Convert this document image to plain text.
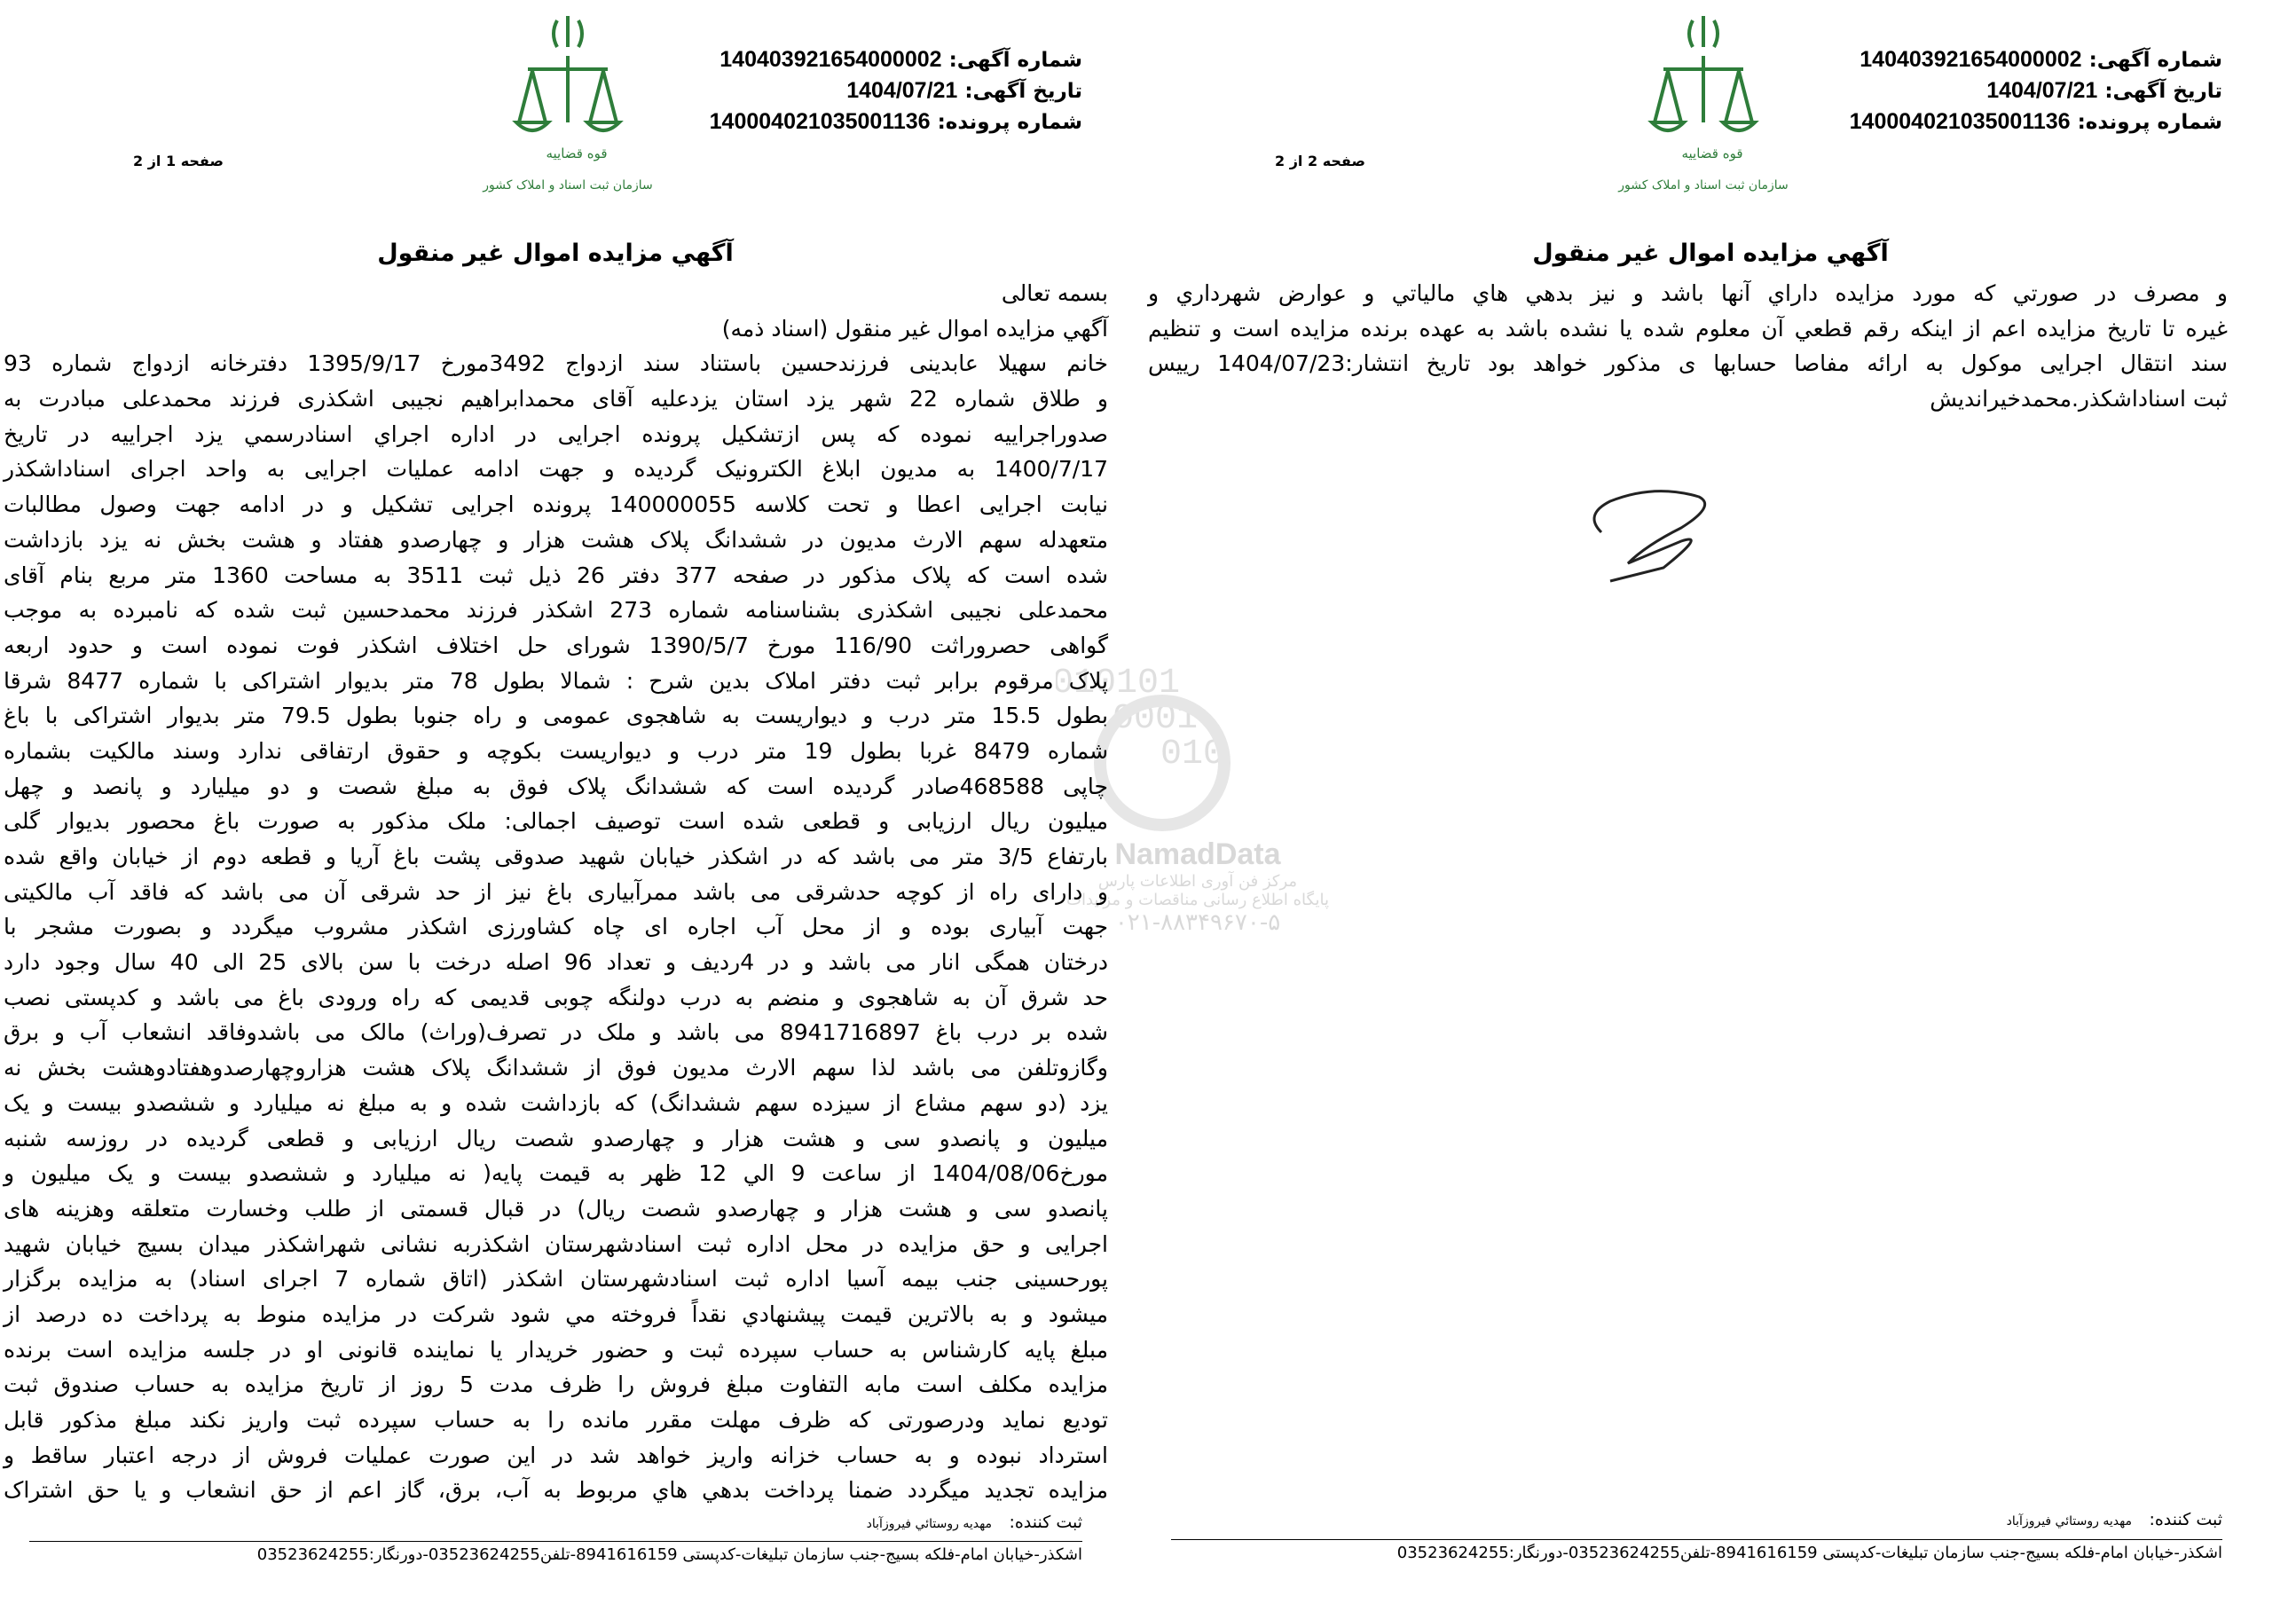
010101
0001
010
NamadData
مرکز فن آوری اطلاعات پارس
پایگاه اطلاع رسانی مناقصات و مزایدات
۰۲۱-۸۸۳۴۹۶۷۰-۵
شماره آگهی: 140403921654000002
تاریخ آگهی: 1404/07/21
شماره پرونده: 140004021035001136
قوه قضاییه
سازمان ثبت اسناد و املاک کشور
صفحه 1 از 2
آگهي مزايده اموال غير منقول
بسمه تعالی
آگهي مزايده اموال غير منقول (اسناد ذمه)
خانم سهیلا عابدینی فرزندحسین باستناد سند ازدواج 3492مورخ 1395/9/17 دفترخانه ازدواج شماره 93
و طلاق شماره 22 شهر یزد استان یزدعلیه آقای محمدابراهیم نجیبی اشکذری فرزند محمدعلی مبادرت به
صدوراجراییه نموده که پس ازتشکیل پرونده اجرایی در اداره اجراي اسنادرسمي یزد اجراییه در تاریخ
1400/7/17 به مدیون ابلاغ الکترونیک گردیده و جهت ادامه عملیات اجرایی به واحد اجرای اسناداشکذر
نیابت اجرایی اعطا و تحت کلاسه 140000055 پرونده اجرایی تشکیل و در ادامه جهت وصول مطالبات
متعهدله سهم الارث مدیون در ششدانگ پلاک هشت هزار و چهارصدو هفتاد و هشت بخش نه یزد بازداشت
شده است که پلاک مذکور در صفحه 377 دفتر 26 ذیل ثبت 3511 به مساحت 1360 متر مربع بنام آقای
محمدعلی نجیبی اشکذری بشناسنامه شماره 273 اشکذر فرزند محمدحسین ثبت شده که نامبرده به موجب
گواهی حصروراثت 116/90 مورخ 1390/5/7 شورای حل اختلاف اشکذر فوت نموده است و حدود اربعه
پلاک مرقوم برابر ثبت دفتر املاک بدین شرح : شمالا بطول 78 متر بدیوار اشتراکی با شماره 8477 شرقا
بطول 15.5 متر درب و دیواریست به شاهجوی عمومی و راه جنوبا بطول 79.5 متر بدیوار اشتراکی با باغ
شماره 8479 غربا بطول 19 متر درب و دیواریست بکوچه و حقوق ارتفاقی ندارد وسند مالکیت بشماره
چاپی 468588صادر گردیده است که ششدانگ پلاک فوق به مبلغ شصت و دو میلیارد و پانصد و چهل
میلیون ریال ارزیابی و قطعی شده است توصیف اجمالی: ملک مذکور به صورت باغ محصور بدیوار گلی
بارتفاع 3/5 متر می باشد که در اشکذر خیابان شهید صدوقی پشت باغ آریا و قطعه دوم از خیابان واقع شده
و دارای راه از کوچه حدشرقی می باشد ممرآبیاری باغ نیز از حد شرقی آن می باشد که فاقد آب مالکیتی
جهت آبیاری بوده و از محل آب اجاره ای چاه کشاورزی اشکذر مشروب میگردد و بصورت مشجر با
درختان همگی انار می باشد و در 4ردیف و تعداد 96 اصله درخت با سن بالای 25 الی 40 سال وجود دارد
حد شرق آن به شاهجوی و منضم به درب دولنگه چوبی قدیمی که راه ورودی باغ می باشد و کدپستی نصب
شده بر درب باغ 8941716897 می باشد و ملک در تصرف(وراث) مالک می باشدوفاقد انشعاب آب و برق
وگازوتلفن می باشد لذا سهم الارث مدیون فوق از ششدانگ پلاک هشت هزاروچهارصدوهفتادوهشت بخش نه
یزد (دو سهم مشاع از سیزده سهم ششدانگ) که بازداشت شده و به مبلغ نه میلیارد و ششصدو بیست و یک
میلیون و پانصدو سی و هشت هزار و چهارصدو شصت ریال ارزیابی و قطعی گردیده در روزسه شنبه
مورخ1404/08/06 از ساعت 9 الي 12 ظهر به قیمت پایه( نه میلیارد و ششصدو بیست و یک میلیون و
پانصدو سی و هشت هزار و چهارصدو شصت ریال) در قبال قسمتی از طلب وخسارت متعلقه وهزینه های
اجرایی و حق مزایده در محل اداره ثبت اسنادشهرستان اشکذربه نشانی شهراشکذر میدان بسیج خیابان شهید
پورحسینی جنب بیمه آسیا اداره ثبت اسنادشهرستان اشکذر (اتاق شماره 7 اجرای اسناد) به مزایده برگزار
میشود و به بالاترین قیمت پیشنهادي نقداً فروخته مي شود شرکت در مزایده منوط به پرداخت ده درصد از
مبلغ پایه کارشناس به حساب سپرده ثبت و حضور خریدار یا نماینده قانونی او در جلسه مزایده است برنده
مزایده مکلف است مابه التفاوت مبلغ فروش را ظرف مدت 5 روز از تاریخ مزایده به حساب صندوق ثبت
تودیع نماید ودرصورتی که ظرف مهلت مقرر مانده را به حساب سپرده ثبت واریز نکند مبلغ مذکور قابل
استرداد نبوده و به حساب خزانه واریز خواهد شد در این صورت عملیات فروش از درجه اعتبار ساقط و
مزایده تجدید میگردد ضمنا پرداخت بدهي هاي مربوط به آب، برق، گاز اعم از حق انشعاب و یا حق اشتراک
ثبت کننده: مهدیه روستائي فیروزآباد
اشکذر-خیابان امام-فلکه بسیج-جنب سازمان تبلیغات-کدپستی 8941616159-تلفن03523624255-دورنگار:03523624255
شماره آگهی: 140403921654000002
تاریخ آگهی: 1404/07/21
شماره پرونده: 140004021035001136
قوه قضاییه
سازمان ثبت اسناد و املاک کشور
صفحه 2 از 2
آگهي مزايده اموال غير منقول
و مصرف در صورتي که مورد مزايده داراي آنها باشد و نيز بدهي هاي مالياتي و عوارض شهرداري و
غيره تا تاريخ مزايده اعم از اينکه رقم قطعي آن معلوم شده يا نشده باشد به عهده برنده مزايده است و تنظيم
سند انتقال اجرایی موکول به ارائه مفاصا حسابها ی مذکور خواهد بود تاریخ انتشار:1404/07/23 رییس
ثبت اسناداشکذر.محمدخیراندیش
ثبت کننده: مهدیه روستائي فیروزآباد
اشکذر-خیابان امام-فلکه بسیج-جنب سازمان تبلیغات-کدپستی 8941616159-تلفن03523624255-دورنگار:03523624255
